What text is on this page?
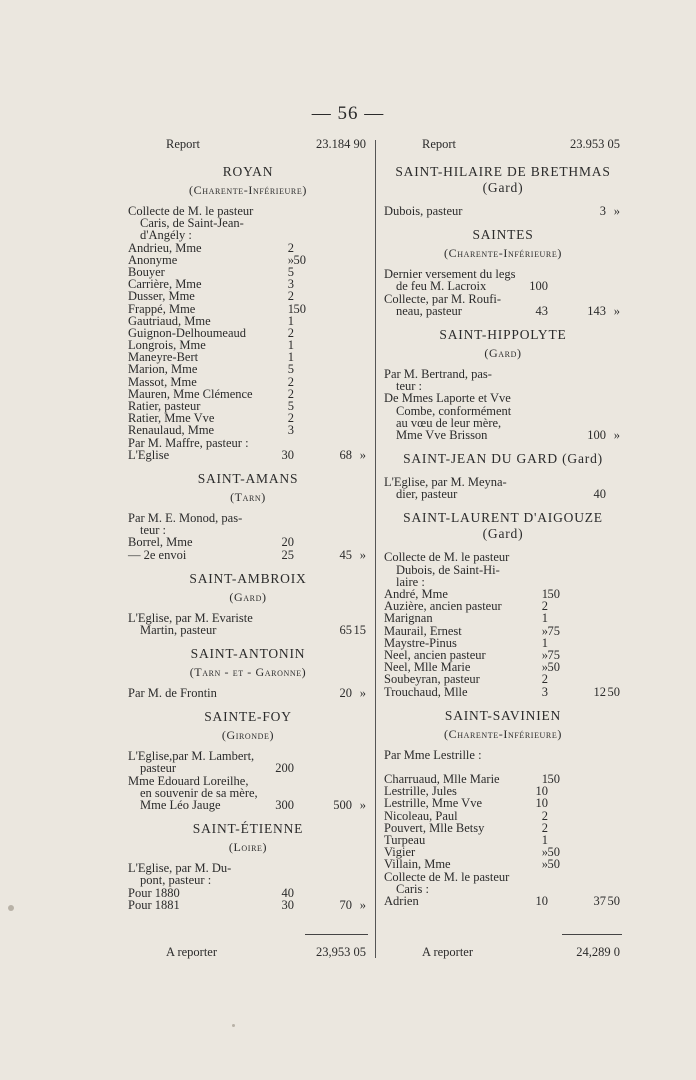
— 56 —
Report	23.184 90
ROYAN
(Charente-Inférieure)
Collecte de M. le pasteur
Caris, de Saint-Jean-
d'Angély :
Andrieu, Mme	2
Anonyme	» 50
Bouyer	5
Carrière, Mme	3
Dusser, Mme	2
Frappé, Mme	1 50
Gautriaud, Mme	1
Guignon-Delhoumeaud	2
Longrois, Mme	1
Maneyre-Bert	1
Marion, Mme	5
Massot, Mme	2
Mauren, Mme Clémence	2
Ratier, pasteur	5
Ratier, Mme Vve	2
Renaulaud, Mme	3
Par M. Maffre, pasteur :
L'Eglise	30	68 »
SAINT-AMANS
(Tarn)
Par M. E. Monod, pas-
teur :
Borrel, Mme	20
— 2e envoi	25	45 »
SAINT-AMBROIX
(Gard)
L'Eglise, par M. Evariste
Martin, pasteur	65 15
SAINT-ANTONIN
(Tarn - et - Garonne)
Par M. de Frontin	20 »
SAINTE-FOY
(Gironde)
L'Eglise,par M. Lambert,
pasteur	200
Mme Edouard Loreilhe,
en souvenir de sa mère,
Mme Léo Jauge	300	500 »
SAINT-ÉTIENNE
(Loire)
L'Eglise, par M. Du-
pont, pasteur :
Pour 1880	40
Pour 1881	30	70 »
Report	23.953 05
SAINT-HILAIRE DE BRETHMAS (Gard)
Dubois, pasteur	3 »
SAINTES
(Charente-Inférieure)
Dernier versement du legs
de feu M. Lacroix	100
Collecte, par M. Roufi-
neau, pasteur	43	143 »
SAINT-HIPPOLYTE
(Gard)
Par M. Bertrand, pas-
teur :
De Mmes Laporte et Vve
Combe, conformément
au vœu de leur mère,
Mme Vve Brisson	100 »
SAINT-JEAN DU GARD (Gard)
L'Eglise, par M. Meyna-
dier, pasteur	40
SAINT-LAURENT D'AIGOUZE (Gard)
Collecte de M. le pasteur
Dubois, de Saint-Hi-
laire :
André, Mme	1 50
Auzière, ancien pasteur	2
Marignan	1
Maurail, Ernest	» 75
Maystre-Pinus	1
Neel, ancien pasteur	» 75
Neel, Mlle Marie	» 50
Soubeyran, pasteur	2
Trouchaud, Mlle	3	12 50
SAINT-SAVINIEN
(Charente-Inférieure)
Par Mme Lestrille :
Charruaud, Mlle Marie	1 50
Lestrille, Jules	10
Lestrille, Mme Vve	10
Nicoleau, Paul	2
Pouvert, Mlle Betsy	2
Turpeau	1
Vigier	» 50
Villain, Mme	» 50
Collecte de M. le pasteur
Caris :
Adrien	10	37 50
A reporter	23,953 05	A reporter	24,289 0
